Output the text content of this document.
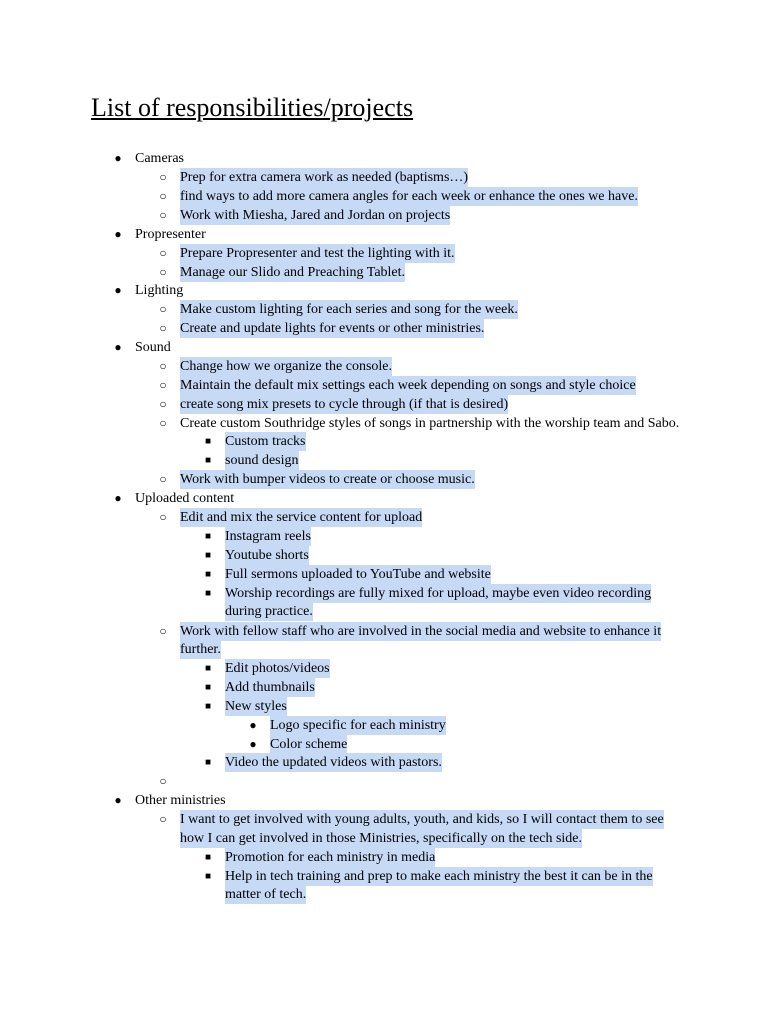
List of responsibilities/projects
● Cameras
○ Prep for extra camera work as needed (baptisms…)
○ find ways to add more camera angles for each week or enhance the ones we have.
○ Work with Miesha, Jared and Jordan on projects
● Propresenter
○ Prepare Propresenter and test the lighting with it.
○ Manage our Slido and Preaching Tablet.
● Lighting
○ Make custom lighting for each series and song for the week.
○ Create and update lights for events or other ministries.
● Sound
○ Change how we organize the console.
○ Maintain the default mix settings each week depending on songs and style choice
○ create song mix presets to cycle through (if that is desired)
○ Create custom Southridge styles of songs in partnership with the worship team and Sabo.
■ Custom tracks
■ sound design
○ Work with bumper videos to create or choose music.
● Uploaded content
○ Edit and mix the service content for upload
■ Instagram reels
■ Youtube shorts
■ Full sermons uploaded to YouTube and website
■ Worship recordings are fully mixed for upload, maybe even video recording
during practice.
○ Work with fellow staff who are involved in the social media and website to enhance it
further.
■ Edit photos/videos
■ Add thumbnails
■ New styles
● Logo specific for each ministry
● Color scheme
■ Video the updated videos with pastors.
○
● Other ministries
○ I want to get involved with young adults, youth, and kids, so I will contact them to see
how I can get involved in those Ministries, specifically on the tech side.
■ Promotion for each ministry in media
■ Help in tech training and prep to make each ministry the best it can be in the
matter of tech.
